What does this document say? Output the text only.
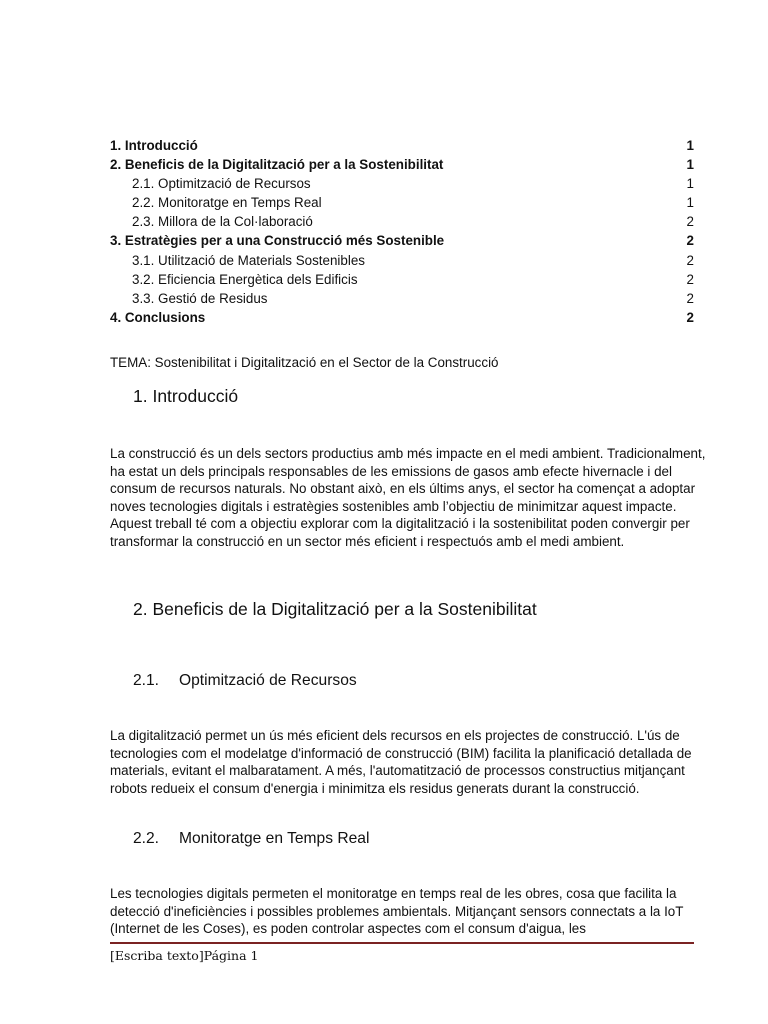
1. Introducció	1
2. Beneficis de la Digitalització per a la Sostenibilitat	1
2.1. Optimització de Recursos	1
2.2. Monitoratge en Temps Real	1
2.3. Millora de la Col·laboració	2
3. Estratègies per a una Construcció més Sostenible	2
3.1. Utilització de Materials Sostenibles	2
3.2. Eficiencia Energètica dels Edificis	2
3.3. Gestió de Residus	2
4. Conclusions	2
TEMA: Sostenibilitat i Digitalització en el Sector de la Construcció
1. Introducció

La construcció és un dels sectors productius amb més impacte en el medi ambient. Tradicionalment, ha estat un dels principals responsables de les emissions de gasos amb efecte hivernacle i del consum de recursos naturals. No obstant això, en els últims anys, el sector ha començat a adoptar noves tecnologies digitals i estratègies sostenibles amb l’objectiu de minimitzar aquest impacte. Aquest treball té com a objectiu explorar com la digitalització i la sostenibilitat poden convergir per transformar la construcció en un sector més eficient i respectuós amb el medi ambient.

2. Beneficis de la Digitalització per a la Sostenibilitat
2.1. Optimització de Recursos

La digitalització permet un ús més eficient dels recursos en els projectes de construcció. L'ús de tecnologies com el modelatge d'informació de construcció (BIM) facilita la planificació detallada de materials, evitant el malbaratament. A més, l'automatització de processos constructius mitjançant robots redueix el consum d'energia i minimitza els residus generats durant la construcció.

2.2. Monitoratge en Temps Real

Les tecnologies digitals permeten el monitoratge en temps real de les obres, cosa que facilita la detecció d'ineficiències i possibles problemes ambientals. Mitjançant sensors connectats a la IoT (Internet de les Coses), es poden controlar aspectes com el consum d'aigua, les

[Escriba texto]Página 1
